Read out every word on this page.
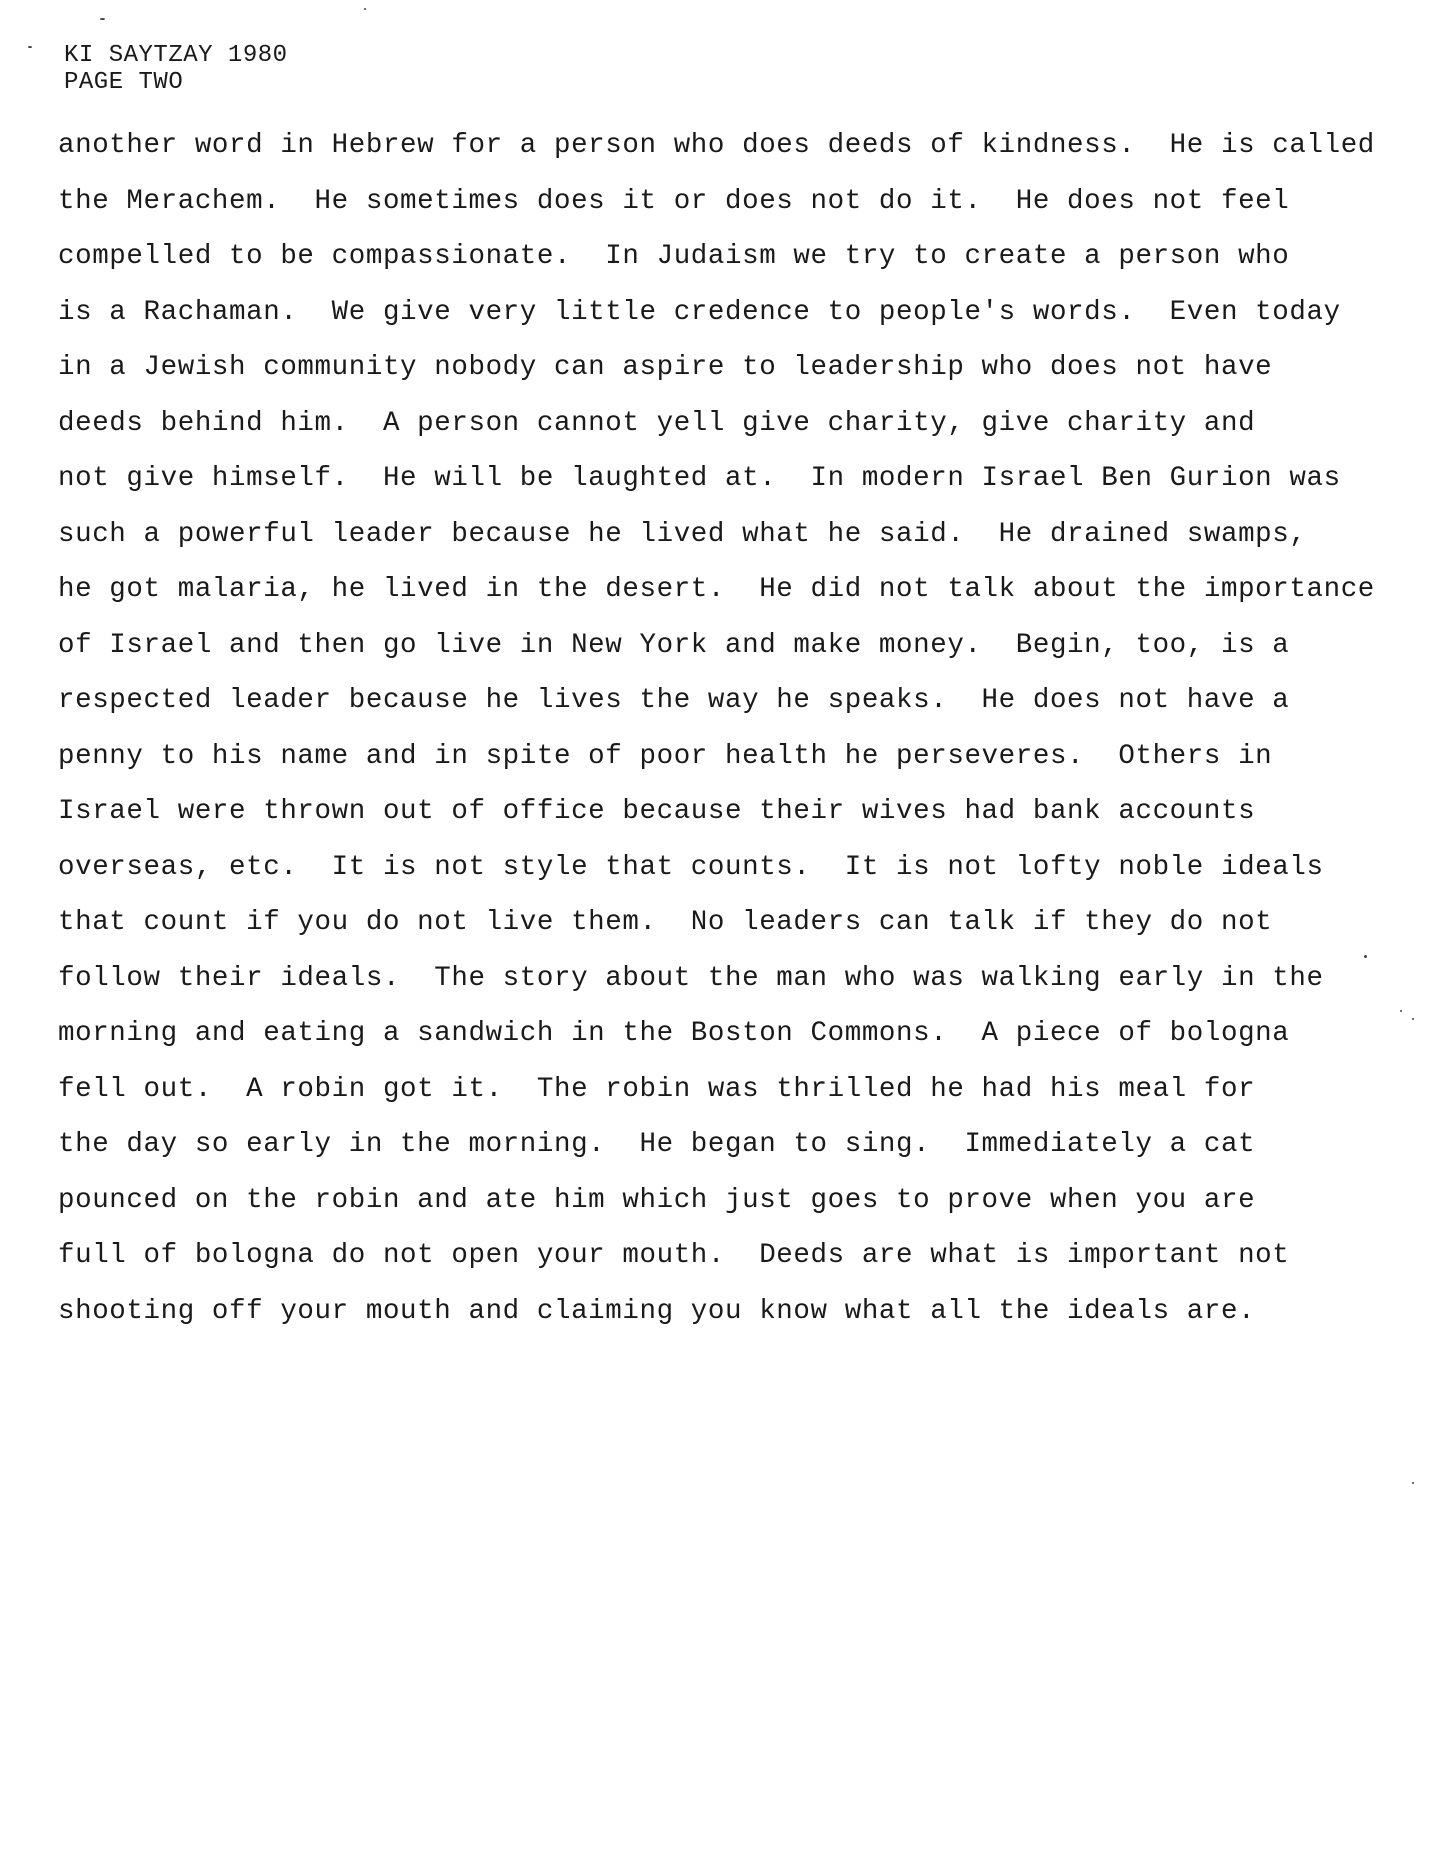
KI SAYTZAY 1980
PAGE TWO
another word in Hebrew for a person who does deeds of kindness.  He is called
the Merachem.  He sometimes does it or does not do it.  He does not feel
compelled to be compassionate.  In Judaism we try to create a person who
is a Rachaman.  We give very little credence to people's words.  Even today
in a Jewish community nobody can aspire to leadership who does not have
deeds behind him.  A person cannot yell give charity, give charity and
not give himself.  He will be laughted at.  In modern Israel Ben Gurion was
such a powerful leader because he lived what he said.  He drained swamps,
he got malaria, he lived in the desert.  He did not talk about the importance
of Israel and then go live in New York and make money.  Begin, too, is a
respected leader because he lives the way he speaks.  He does not have a
penny to his name and in spite of poor health he perseveres.  Others in
Israel were thrown out of office because their wives had bank accounts
overseas, etc.  It is not style that counts.  It is not lofty noble ideals
that count if you do not live them.  No leaders can talk if they do not
follow their ideals.  The story about the man who was walking early in the
morning and eating a sandwich in the Boston Commons.  A piece of bologna
fell out.  A robin got it.  The robin was thrilled he had his meal for
the day so early in the morning.  He began to sing.  Immediately a cat
pounced on the robin and ate him which just goes to prove when you are
full of bologna do not open your mouth.  Deeds are what is important not
shooting off your mouth and claiming you know what all the ideals are.
